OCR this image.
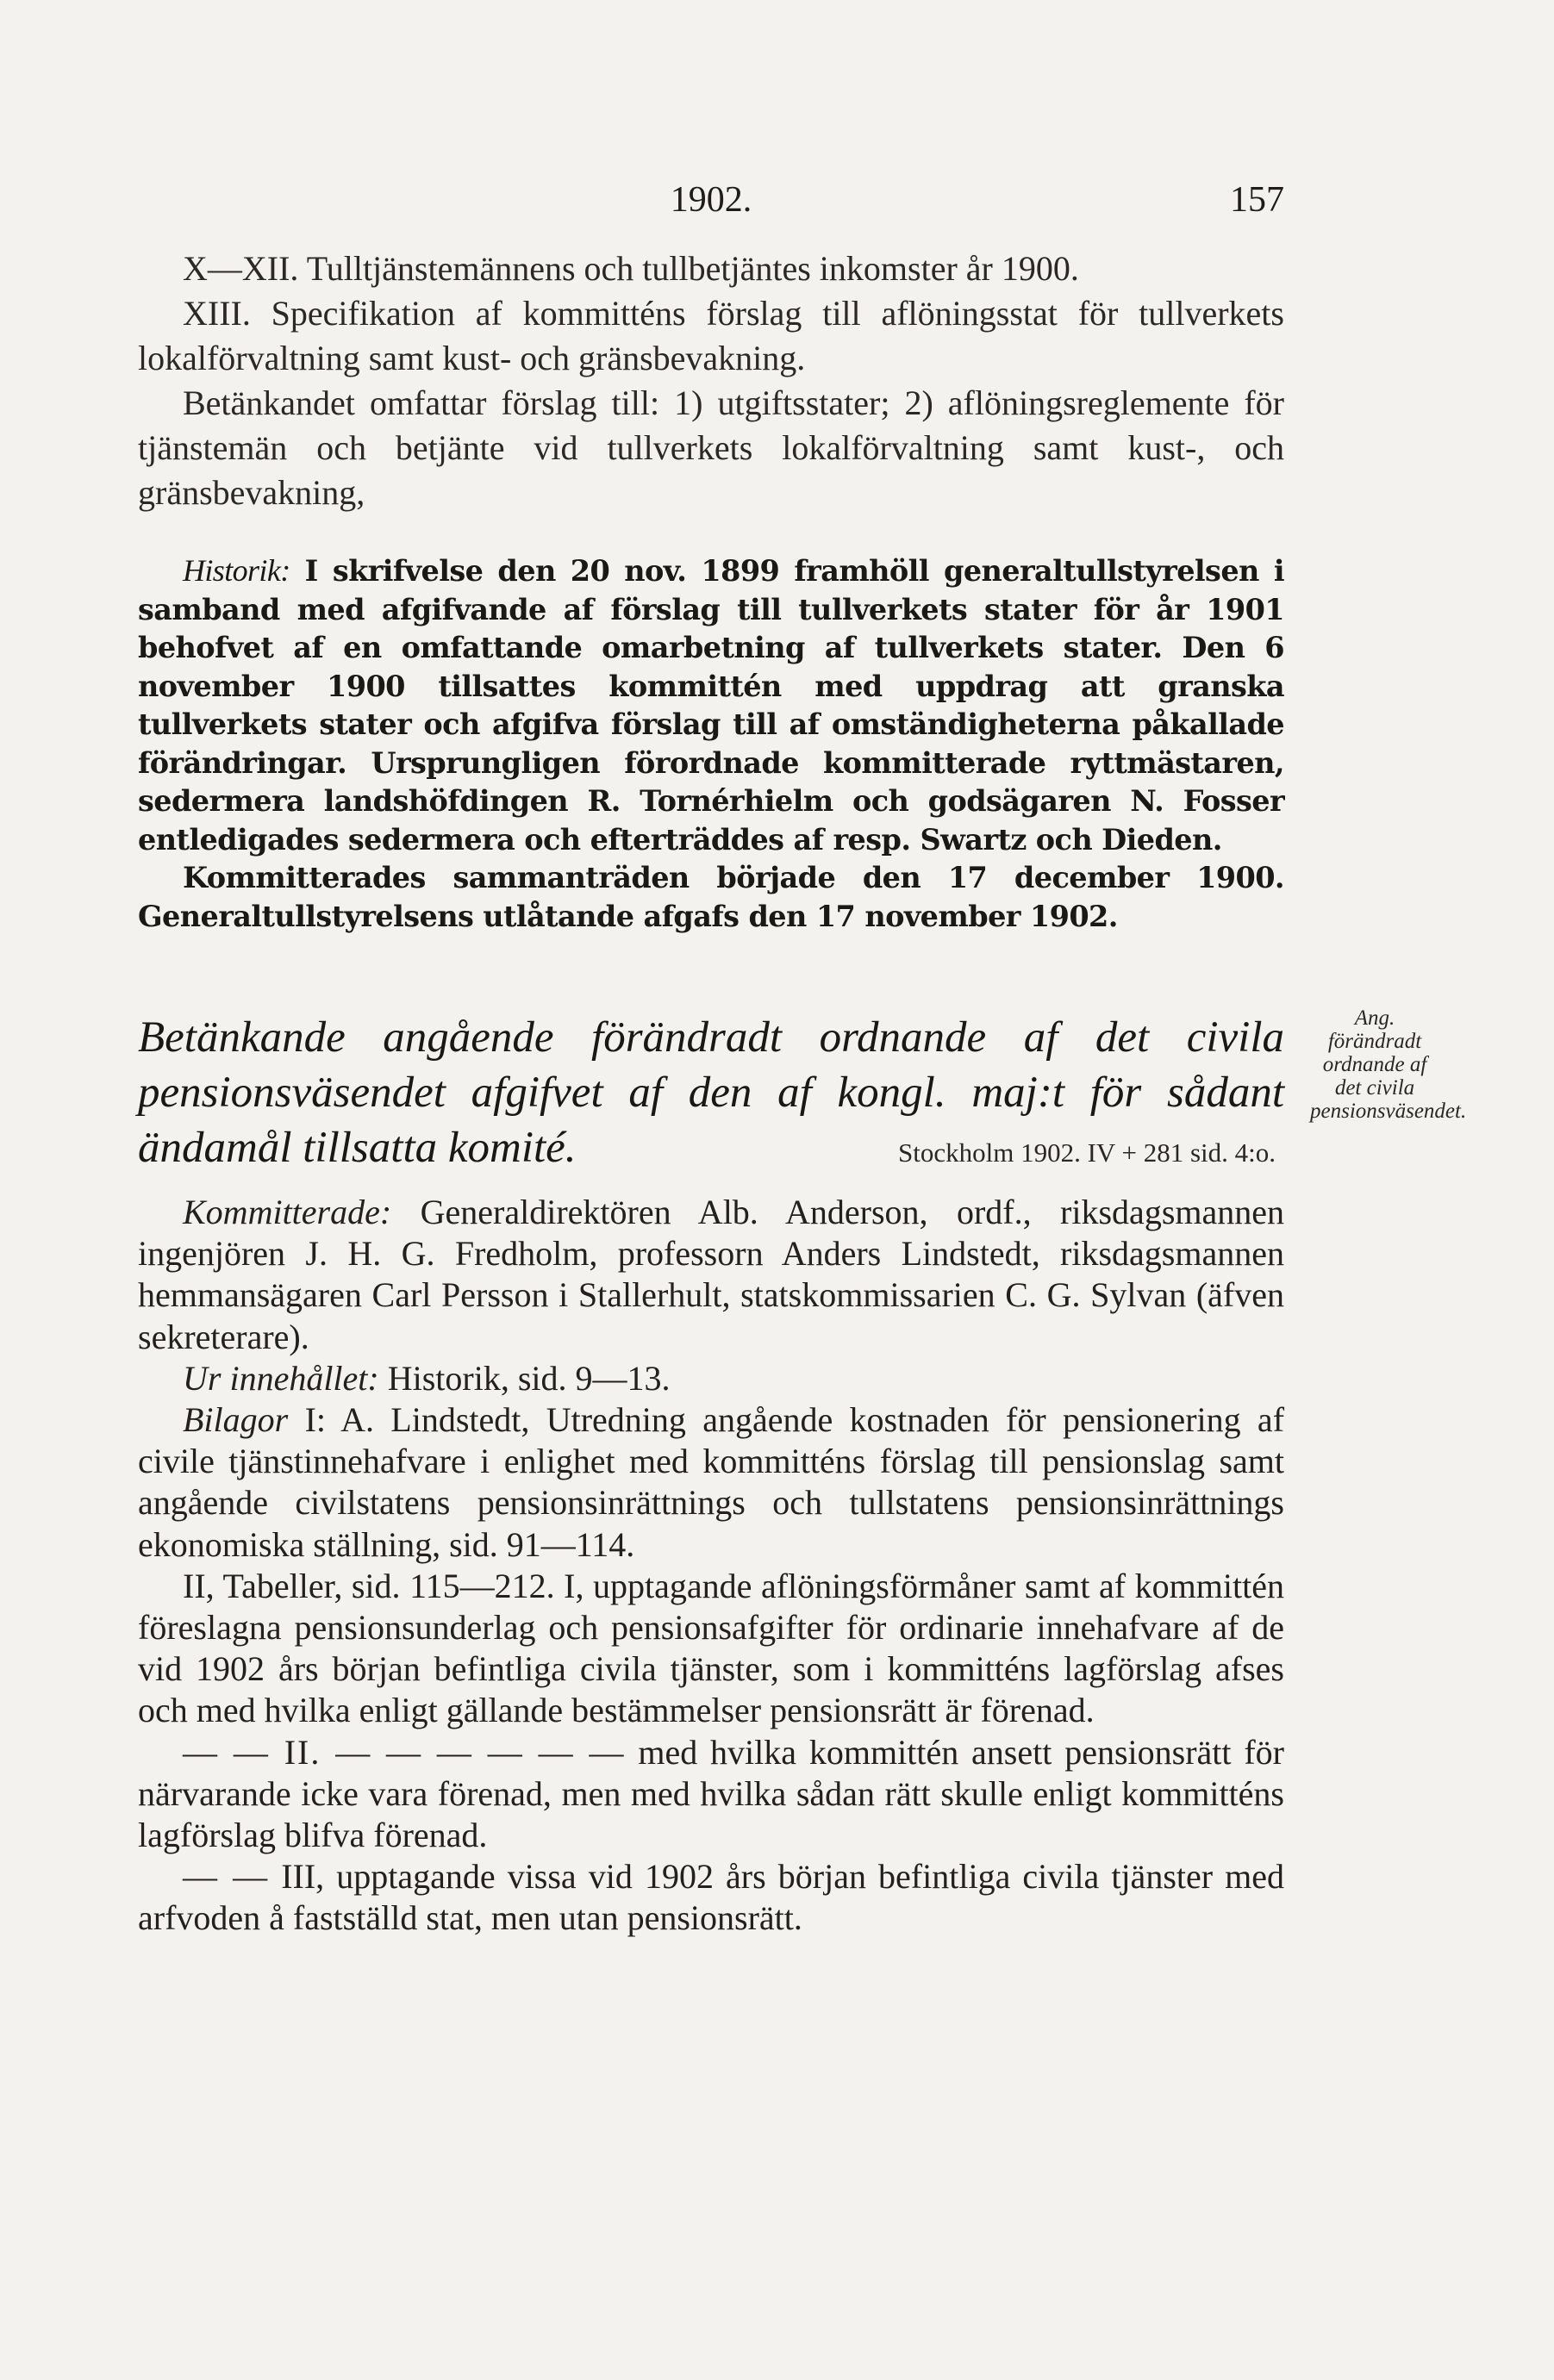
1902.	157

X—XII. Tulltjänstemännens och tullbetjäntes inkomster år 1900.

XIII. Specifikation af kommitténs förslag till aflöningsstat för tullverkets lokalförvaltning samt kust- och gränsbevakning.

Betänkandet omfattar förslag till: 1) utgiftsstater; 2) aflöningsreglemente för tjänstemän och betjänte vid tullverkets lokalförvaltning samt kust-, och gränsbevakning,

Historik: I skrifvelse den 20 nov. 1899 framhöll generaltullstyrelsen i samband med afgifvande af förslag till tullverkets stater för år 1901 behofvet af en omfattande omarbetning af tullverkets stater. Den 6 november 1900 tillsattes kommittén med uppdrag att granska tullverkets stater och afgifva förslag till af omständigheterna påkallade förändringar. Ursprungligen förordnade kommitterade ryttmästaren, sedermera landshöfdingen R. Tornérhielm och godsägaren N. Fosser entledigades sedermera och efterträddes af resp. Swartz och Dieden.

Kommitterades sammanträden började den 17 december 1900. Generaltullstyrelsens utlåtande afgafs den 17 november 1902.

Betänkande angående förändradt ordnande af det civila pensionsväsendet afgifvet af den af kongl. maj:t för sådant ändamål tillsatta komité.
Ang. förändradt ordnande af det civila pensionsväsendet.
Stockholm 1902. IV + 281 sid. 4:o.

Kommitterade: Generaldirektören Alb. Anderson, ordf., riksdagsmannen ingenjören J. H. G. Fredholm, professorn Anders Lindstedt, riksdagsmannen hemmansägaren Carl Persson i Stallerhult, statskommissarien C. G. Sylvan (äfven sekreterare).

Ur innehållet: Historik, sid. 9—13.

Bilagor I: A. Lindstedt, Utredning angående kostnaden för pensionering af civile tjänstinnehafvare i enlighet med kommitténs förslag till pensionslag samt angående civilstatens pensionsinrättnings och tullstatens pensionsinrättnings ekonomiska ställning, sid. 91—114.

II, Tabeller, sid. 115—212. I, upptagande aflöningsförmåner samt af kommittén föreslagna pensionsunderlag och pensionsafgifter för ordinarie innehafvare af de vid 1902 års början befintliga civila tjänster, som i kommitténs lagförslag afses och med hvilka enligt gällande bestämmelser pensionsrätt är förenad.

— — II. — — — — — — med hvilka kommittén ansett pensionsrätt för närvarande icke vara förenad, men med hvilka sådan rätt skulle enligt kommitténs lagförslag blifva förenad.

— — III, upptagande vissa vid 1902 års början befintliga civila tjänster med arfvoden å fastställd stat, men utan pensionsrätt.
